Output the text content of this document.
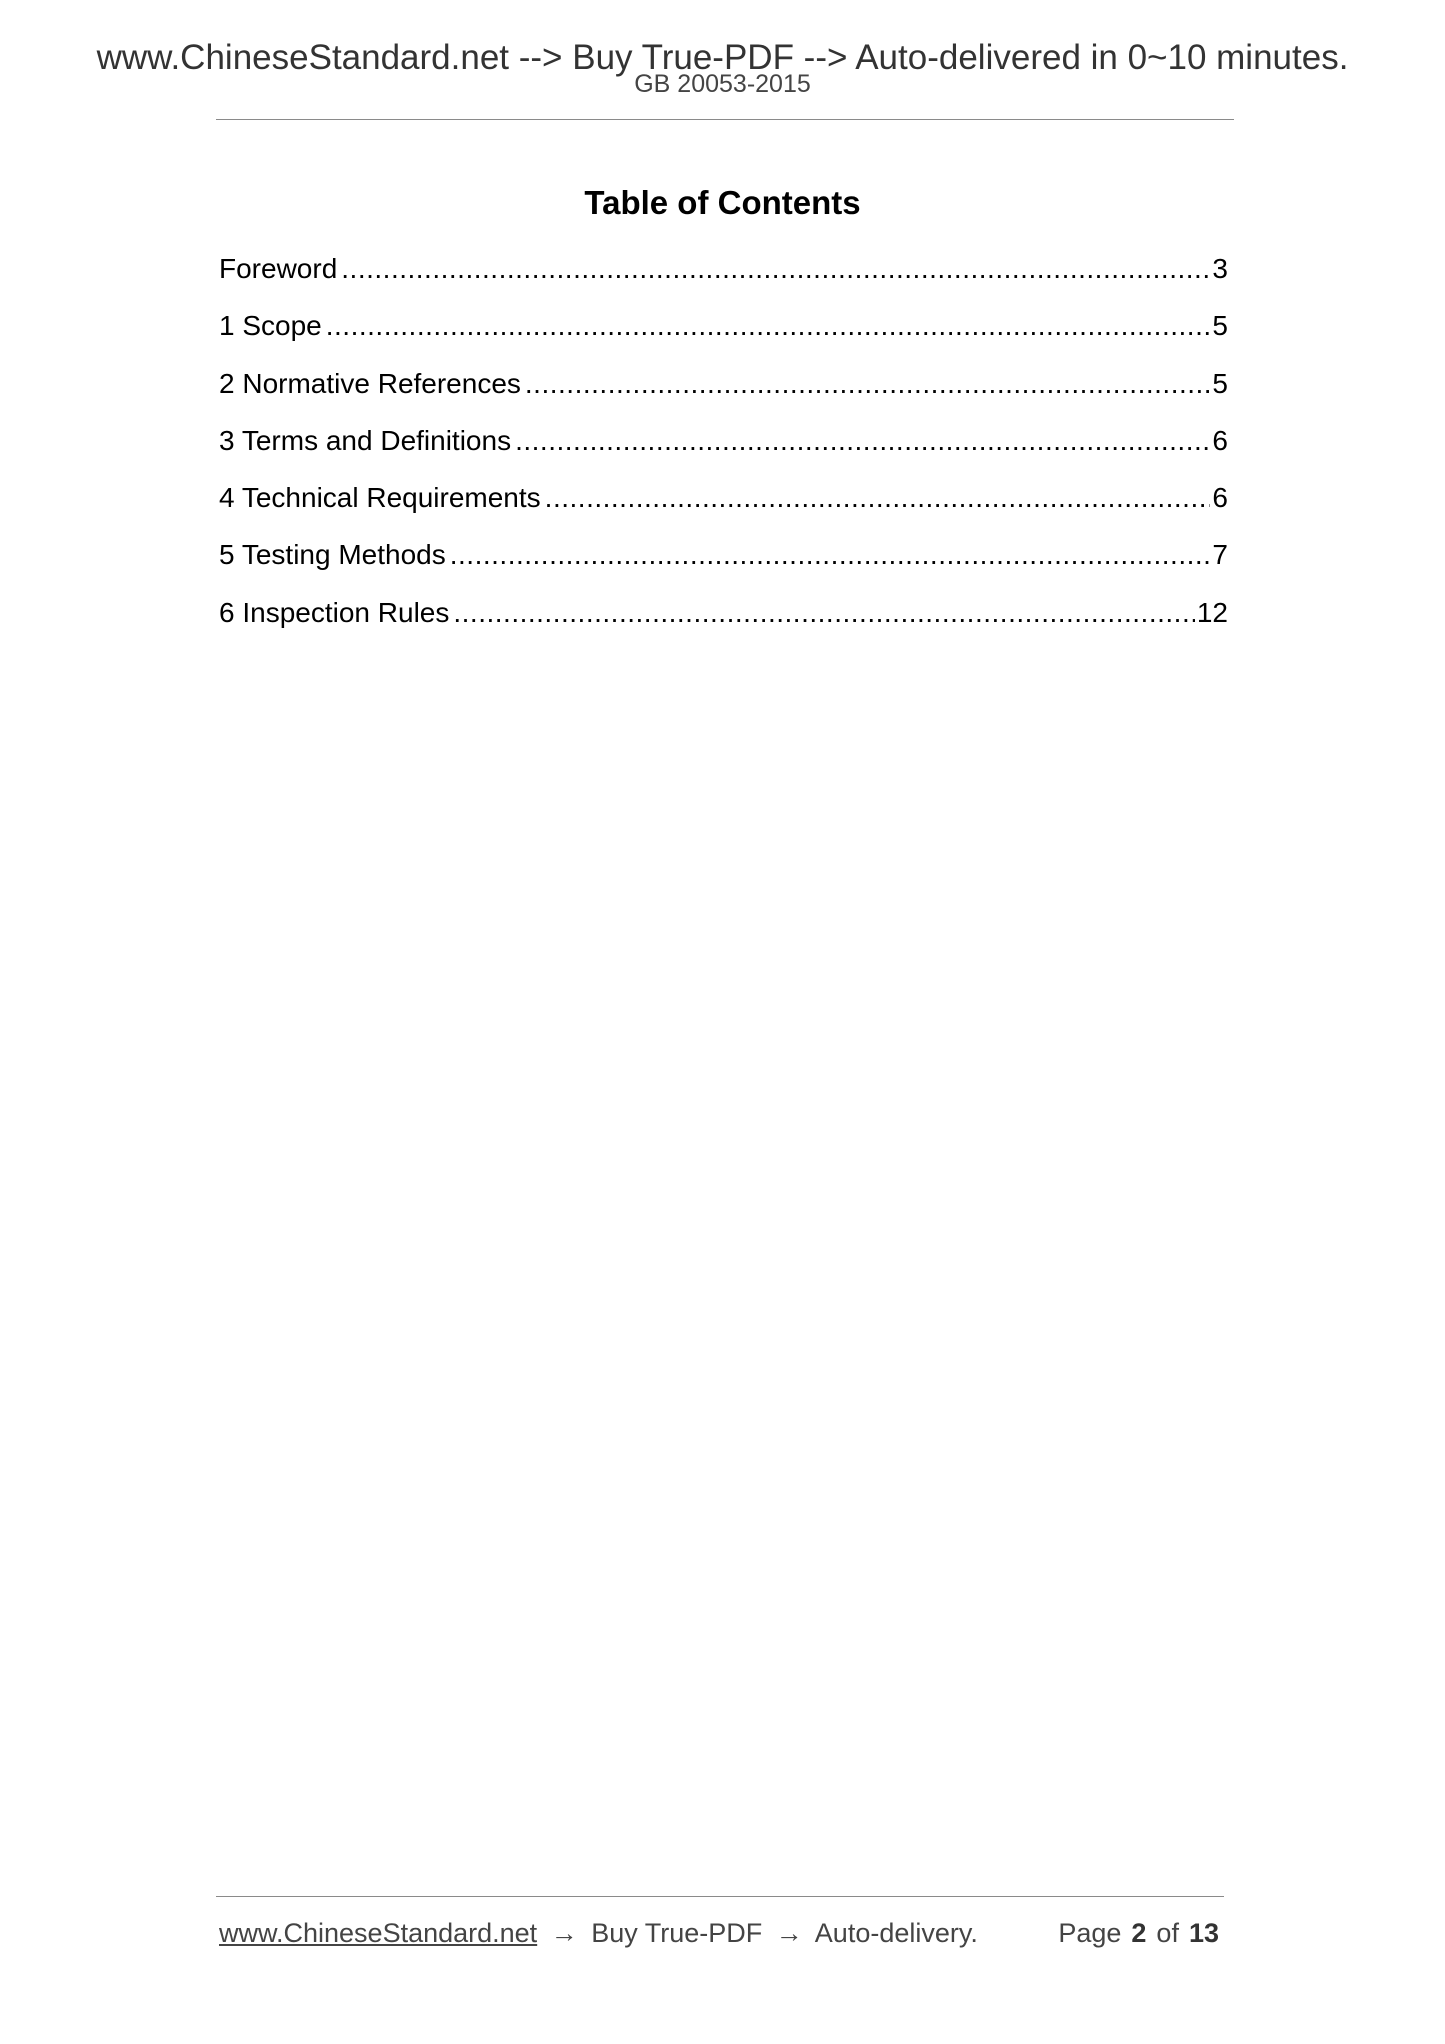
www.ChineseStandard.net --> Buy True-PDF --> Auto-delivered in 0~10 minutes.
GB 20053-2015
Table of Contents
Foreword .....	3
1 Scope .....	5
2 Normative References .....	5
3 Terms and Definitions .....	6
4 Technical Requirements .....	6
5 Testing Methods .....	7
6 Inspection Rules .....	12
www.ChineseStandard.net → Buy True-PDF → Auto-delivery.	Page 2 of 13
